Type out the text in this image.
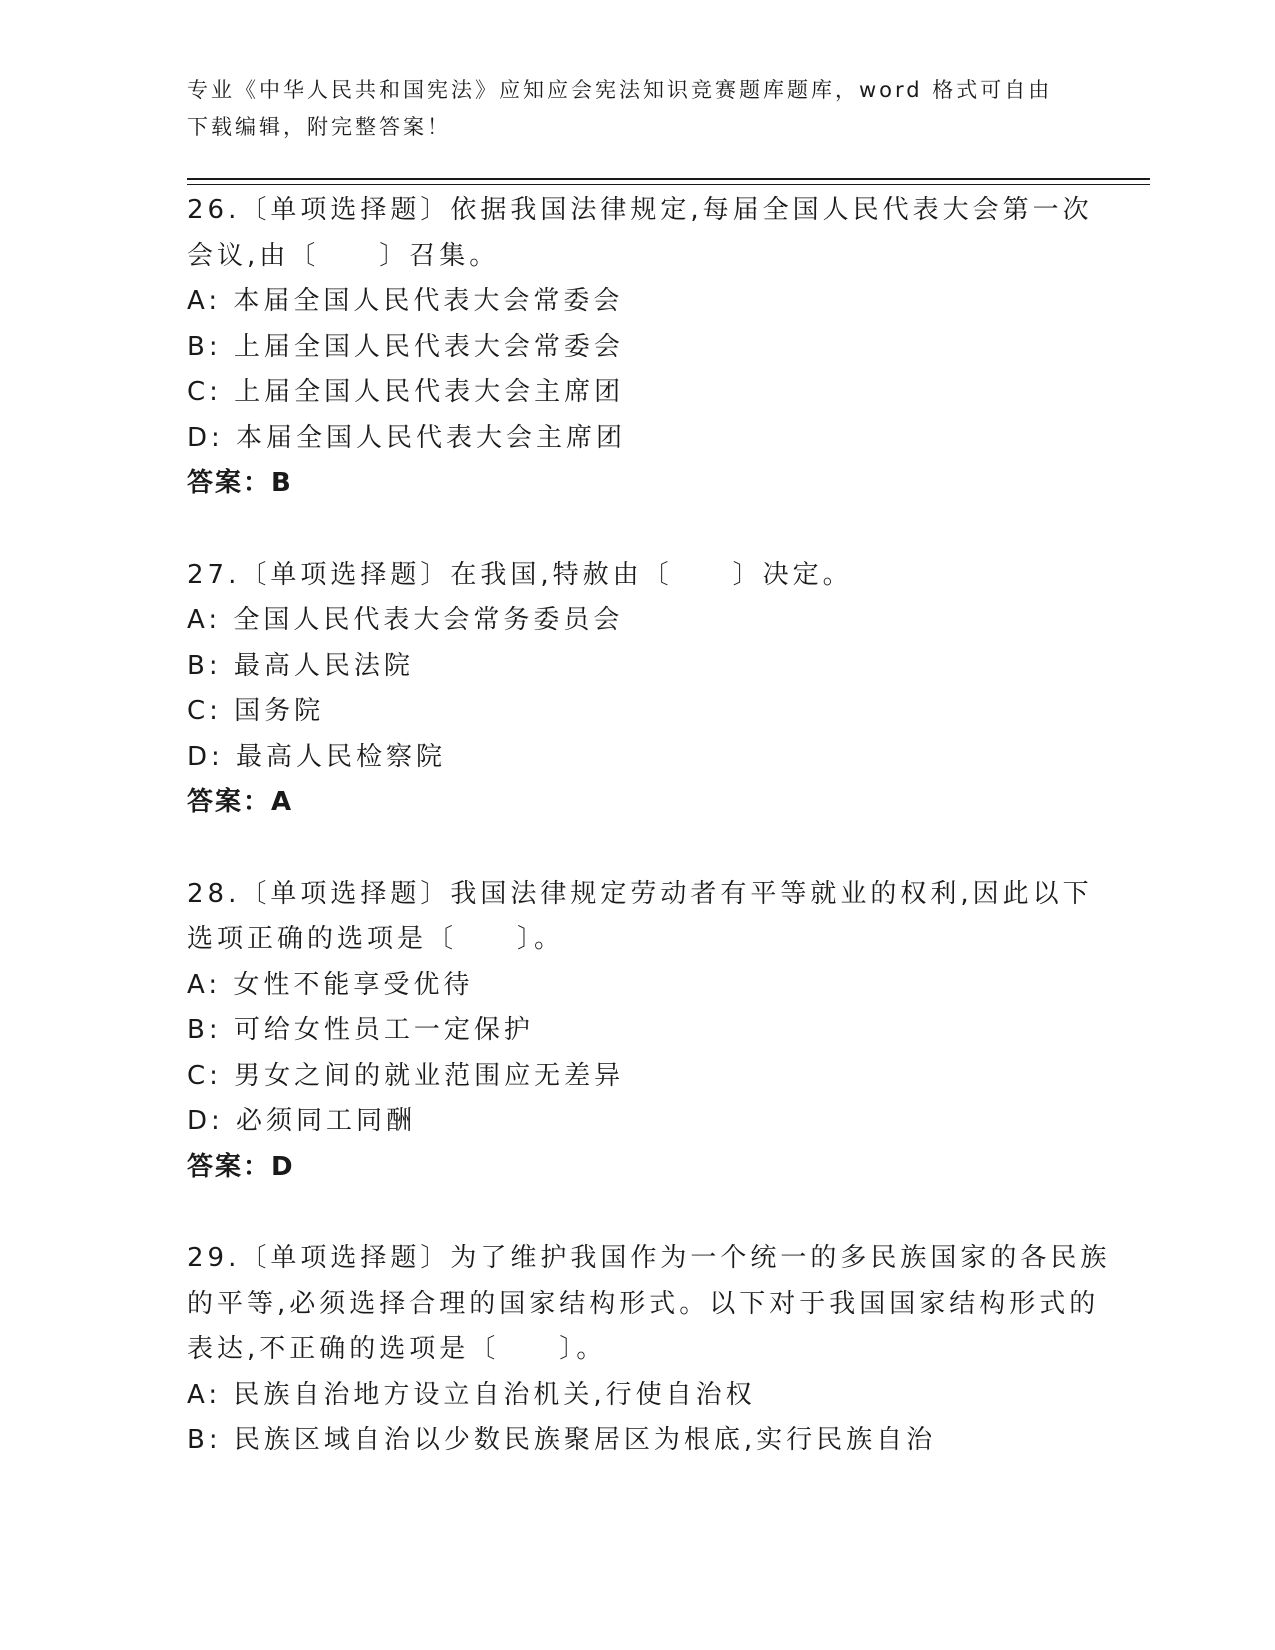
专业《中华人民共和国宪法》应知应会宪法知识竞赛题库题库，word 格式可自由
下载编辑，附完整答案！
26.〔单项选择题〕依据我国法律规定,每届全国人民代表大会第一次
会议,由〔　　〕召集。
A: 本届全国人民代表大会常委会
B: 上届全国人民代表大会常委会
C: 上届全国人民代表大会主席团
D: 本届全国人民代表大会主席团
答案：B
27.〔单项选择题〕在我国,特赦由〔　　〕决定。
A: 全国人民代表大会常务委员会
B: 最高人民法院
C: 国务院
D: 最高人民检察院
答案：A
28.〔单项选择题〕我国法律规定劳动者有平等就业的权利,因此以下
选项正确的选项是〔　　〕。
A: 女性不能享受优待
B: 可给女性员工一定保护
C: 男女之间的就业范围应无差异
D: 必须同工同酬
答案：D
29.〔单项选择题〕为了维护我国作为一个统一的多民族国家的各民族
的平等,必须选择合理的国家结构形式。以下对于我国国家结构形式的
表达,不正确的选项是〔　　〕。
A: 民族自治地方设立自治机关,行使自治权
B: 民族区域自治以少数民族聚居区为根底,实行民族自治
